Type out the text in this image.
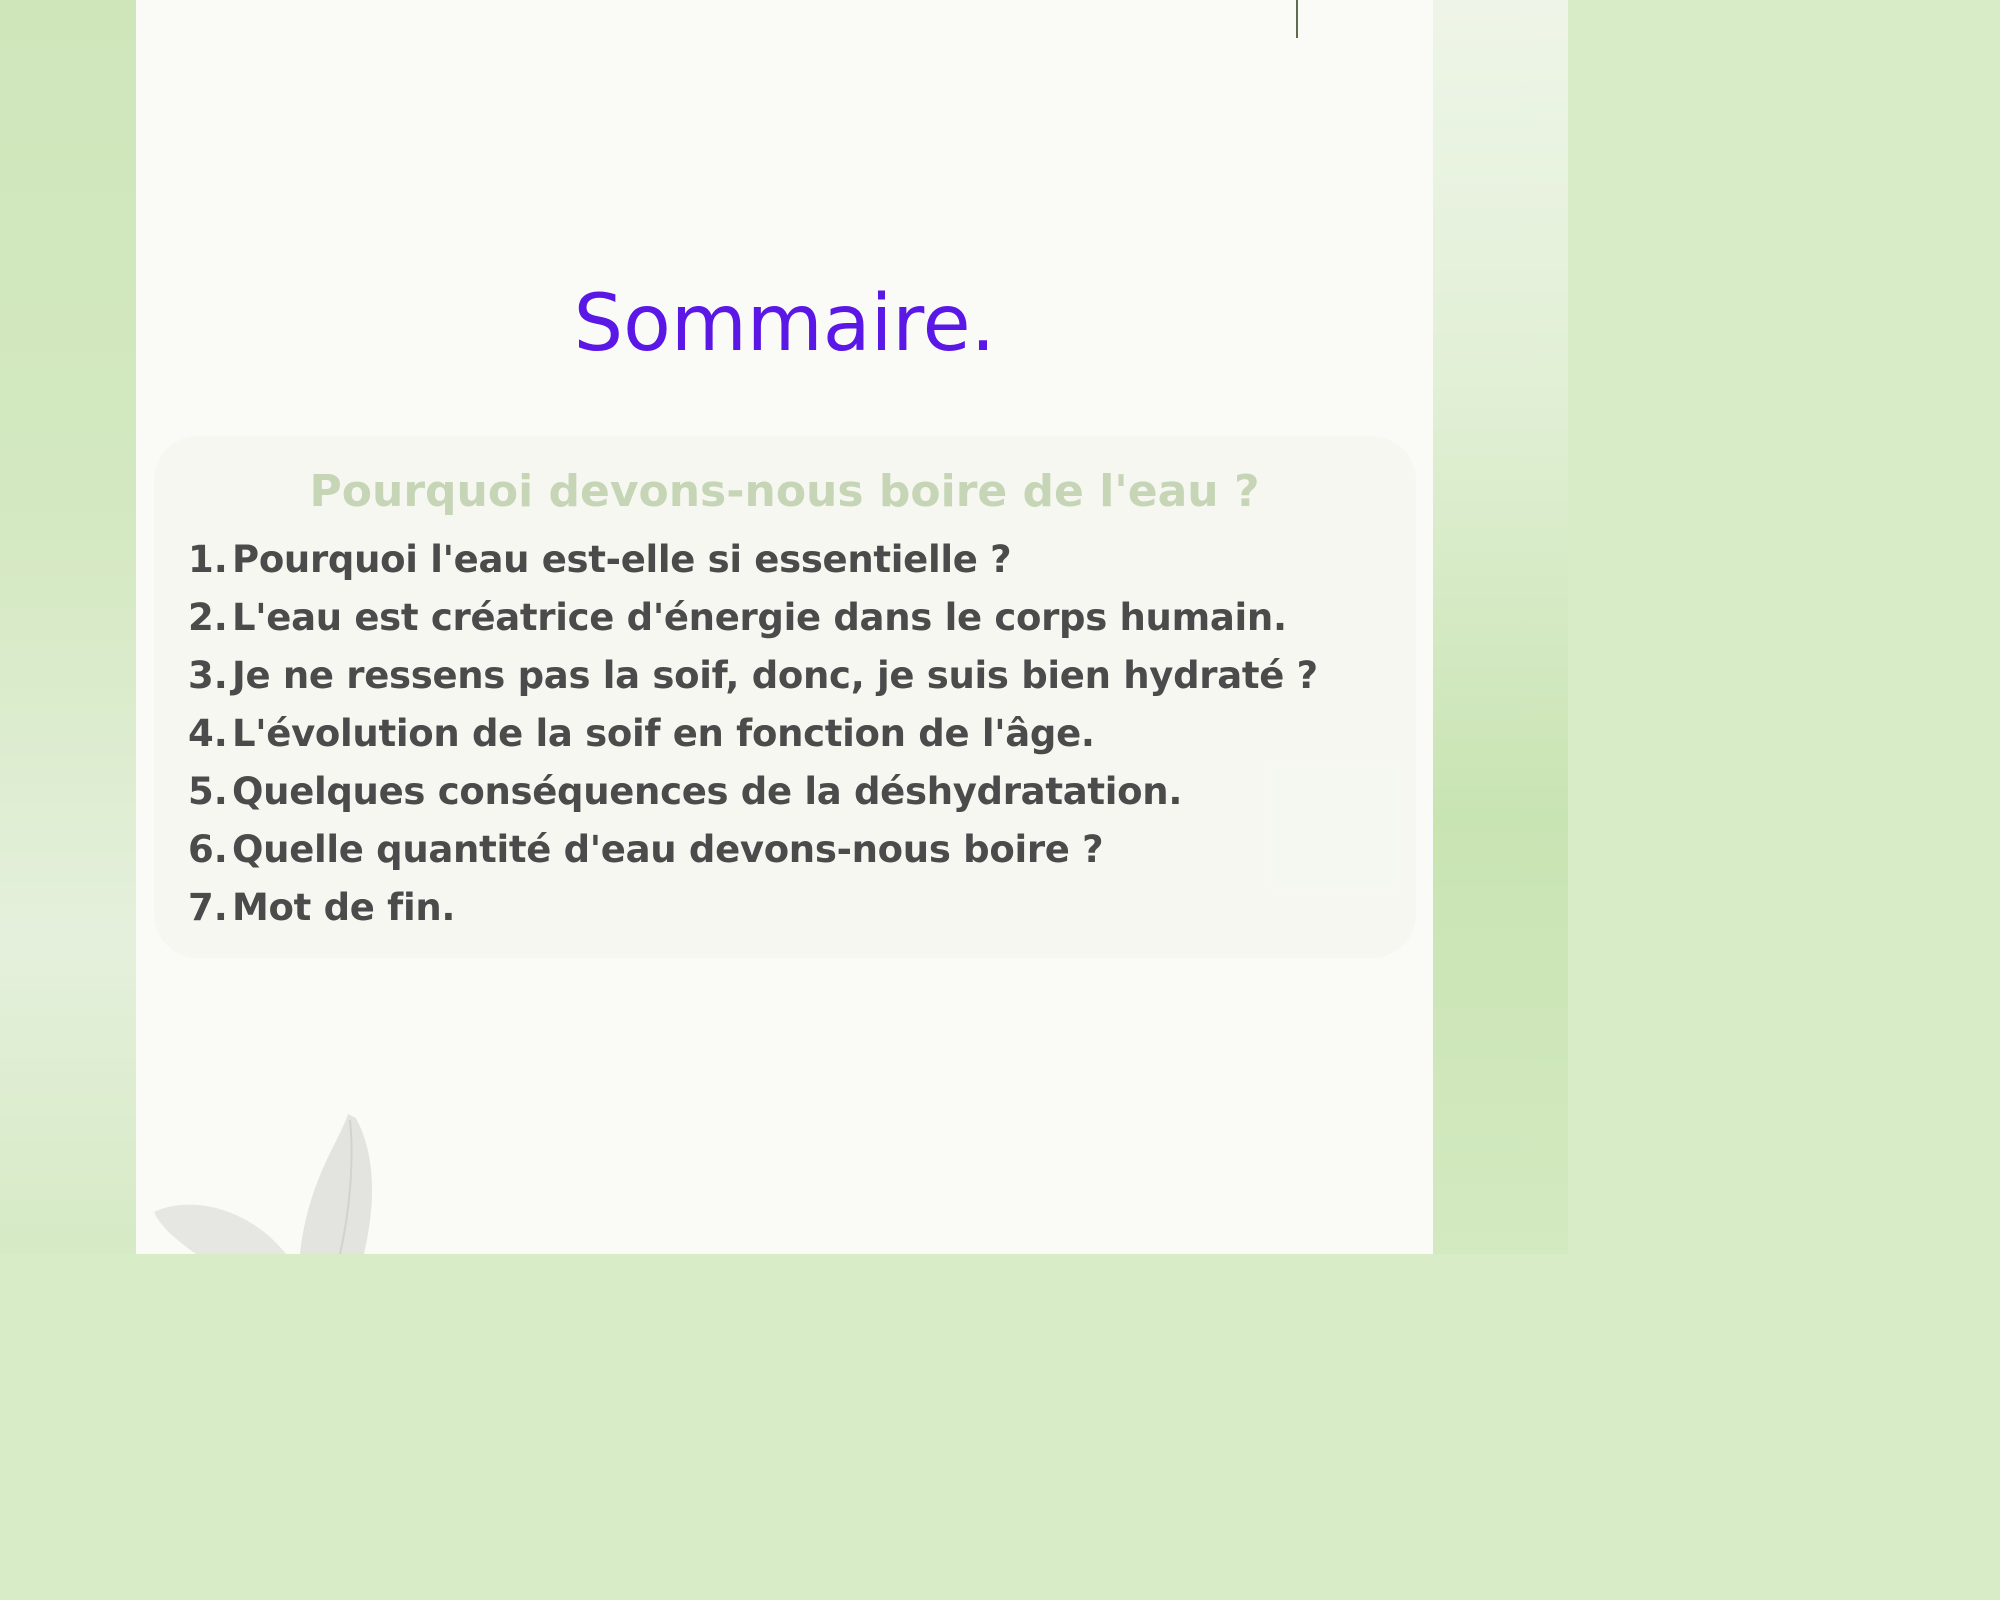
Sommaire.
Pourquoi devons-nous boire de l'eau ?
1. Pourquoi l'eau est-elle si essentielle ?
2. L'eau est créatrice d'énergie dans le corps humain.
3. Je ne ressens pas la soif, donc, je suis bien hydraté ?
4. L'évolution de la soif en fonction de l'âge.
5. Quelques conséquences de la déshydratation.
6. Quelle quantité d'eau devons-nous boire ?
7. Mot de fin.
